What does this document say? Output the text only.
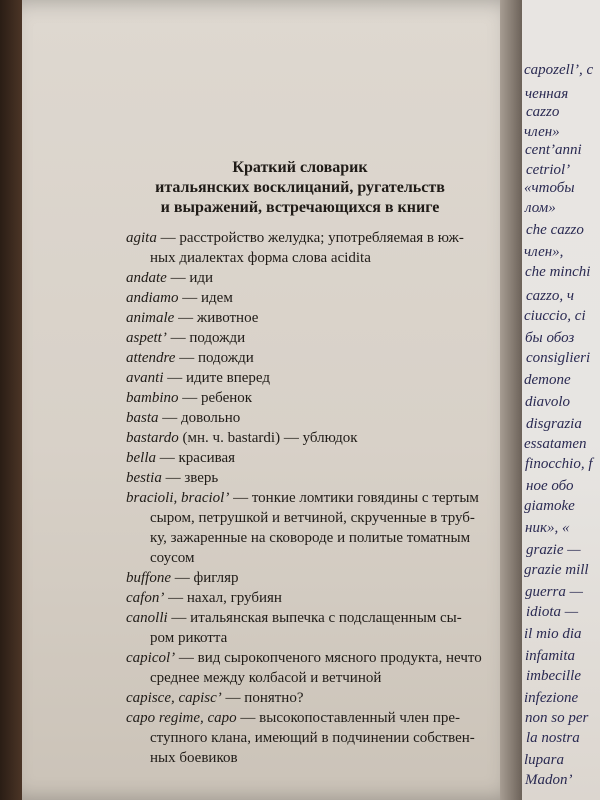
Краткий словарик
итальянских восклицаний, ругательств
и выражений, встречающихся в книге
agita — расстройство желудка; употребляемая в юж-
ных диалектах форма слова acidita
andate — иди
andiamo — идем
animale — животное
aspett’ — подожди
attendre — подожди
avanti — идите вперед
bambino — ребенок
basta — довольно
bastardo (мн. ч. bastardi) — ублюдок
bella — красивая
bestia — зверь
bracioli, braciol’ — тонкие ломтики говядины с тертым
сыром, петрушкой и ветчиной, скрученные в труб-
ку, зажаренные на сковороде и политые томатным
соусом
buffone — фигляр
cafon’ — нахал, грубиян
canolli — итальянская выпечка с подслащенным сы-
ром рикотта
capicol’ — вид сырокопченого мясного продукта, нечто
среднее между колбасой и ветчиной
capisce, capisc’ — понятно?
capo regime, capo — высокопоставленный член пре-
ступного клана, имеющий в подчинении собствен-
ных боевиков
capozell’, c
ченная
cazzo
член»
cent’anni
cetriol’
«чтобы
лом»
che cazzo
член»,
che minchi
cazzo, ч
ciuccio, ci
бы обоз
consiglieri
demone
diavolo
disgrazia
essatamen
finocchio, f
ное обо
giamoke
ник», «
grazie —
grazie mill
guerra —
idiota —
il mio dia
infamita
imbecille
infezione
non so per
la nostra
lupara
Madon’
